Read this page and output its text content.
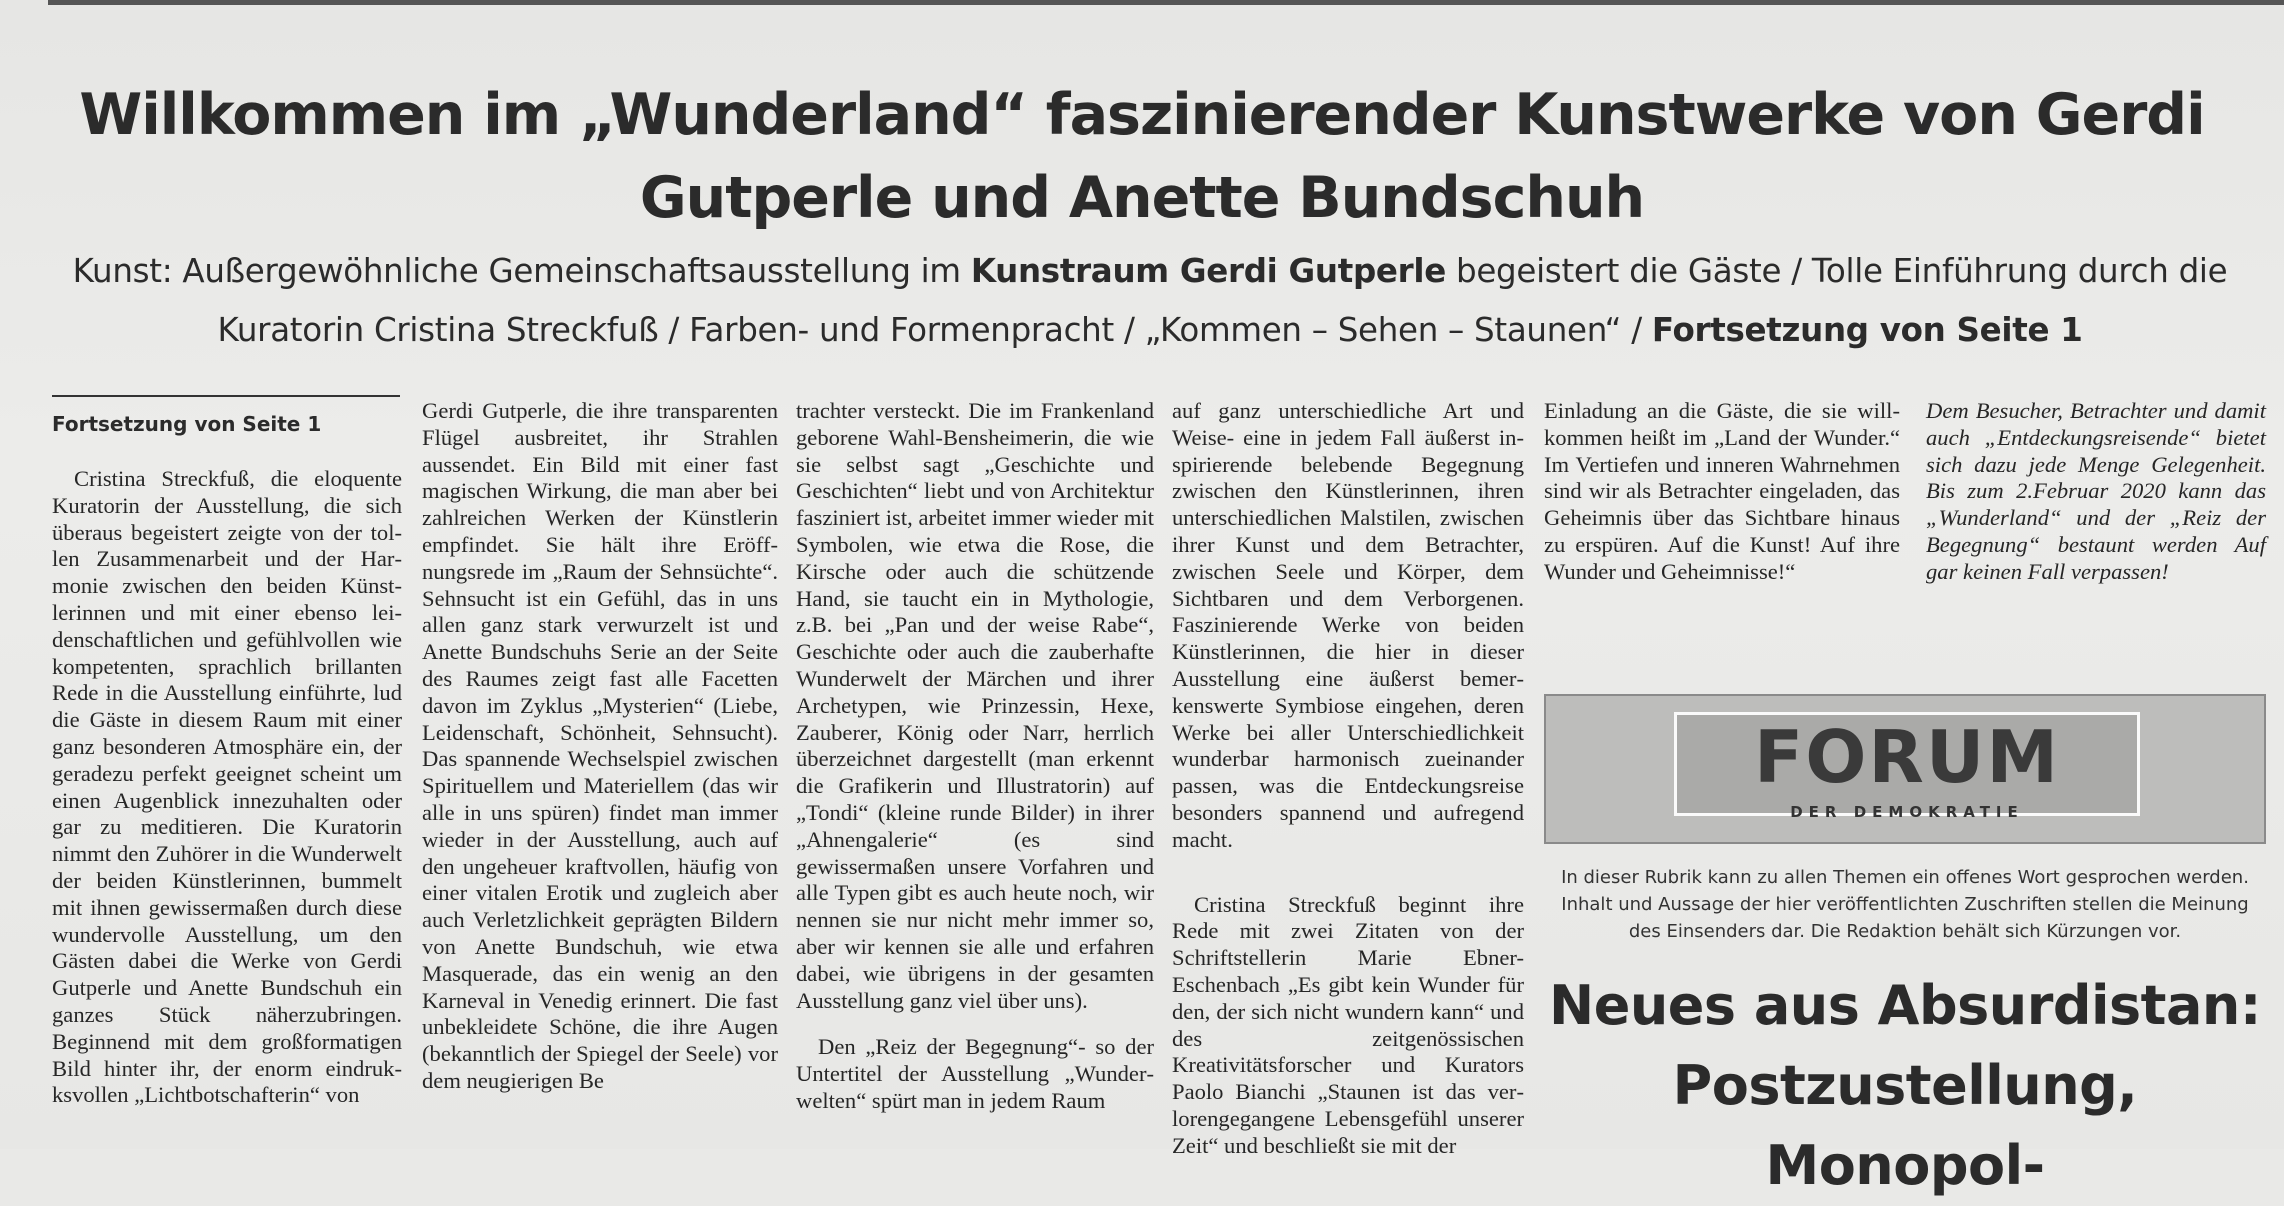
Willkommen im „Wunderland“ faszinierender Kunstwerke von Gerdi Gutperle und Anette Bundschuh

Kunst: Außergewöhnliche Gemeinschaftsausstellung im Kunstraum Gerdi Gutperle begeistert die Gäste / Tolle Einführung durch die Kuratorin Cristina Streckfuß / Farben- und Formenpracht / „Kommen – Sehen – Staunen“ / Fortsetzung von Seite 1

Fortsetzung von Seite 1

Cristina Streckfuß, die eloquente Kuratorin der Ausstellung, die sich überaus begeistert zeigte von der tollen Zusammenarbeit und der Harmonie zwischen den beiden Künstlerinnen und mit einer ebenso leidenschaftlichen und gefühlvollen wie kompetenten, sprachlich brillanten Rede in die Ausstellung einführte, lud die Gäste in diesem Raum mit einer ganz besonderen Atmosphäre ein, der geradezu perfekt geeignet scheint um einen Augenblick innezuhalten oder gar zu meditieren. Die Kuratorin nimmt den Zuhörer in die Wunderwelt der beiden Künstlerinnen, bummelt mit ihnen gewissermaßen durch diese wundervolle Ausstellung, um den Gästen dabei die Werke von Gerdi Gutperle und Anette Bundschuh ein ganzes Stück näherzubringen. Beginnend mit dem großformatigen Bild hinter ihr, der enorm eindrukksvollen „Lichtbotschafterin“ von

Gerdi Gutperle, die ihre transparenten Flügel ausbreitet, ihr Strahlen aussendet. Ein Bild mit einer fast magischen Wirkung, die man aber bei zahlreichen Werken der Künstlerin empfindet. Sie hält ihre Eröffnungsrede im „Raum der Sehnsüchte“. Sehnsucht ist ein Gefühl, das in uns allen ganz stark verwurzelt ist und Anette Bundschuhs Serie an der Seite des Raumes zeigt fast alle Facetten davon im Zyklus „Mysterien“ (Liebe, Leidenschaft, Schönheit, Sehnsucht). Das spannende Wechselspiel zwischen Spirituellem und Materiellem (das wir alle in uns spüren) findet man immer wieder in der Ausstellung, auch auf den ungeheuer kraftvollen, häufig von einer vitalen Erotik und zugleich aber auch Verletzlichkeit geprägten Bildern von Anette Bundschuh, wie etwa Masquerade, das ein wenig an den Karneval in Venedig erinnert. Die fast unbekleidete Schöne, die ihre Augen (bekanntlich der Spiegel der Seele) vor dem neugierigen Be

trachter versteckt. Die im Frankenland geborene Wahl-Bensheimerin, die wie sie selbst sagt „Geschichte und Geschichten“ liebt und von Architektur fasziniert ist, arbeitet immer wieder mit Symbolen, wie etwa die Rose, die Kirsche oder auch die schützende Hand, sie taucht ein in Mythologie, z.B. bei „Pan und der weise Rabe“, Geschichte oder auch die zauberhafte Wunderwelt der Märchen und ihrer Archetypen, wie Prinzessin, Hexe, Zauberer, König oder Narr, herrlich überzeichnet dargestellt (man erkennt die Grafikerin und Illustratorin) auf „Tondi“ (kleine runde Bilder) in ihrer „Ahnengalerie“ (es sind gewissermaßen unsere Vorfahren und alle Typen gibt es auch heute noch, wir nennen sie nur nicht mehr immer so, aber wir kennen sie alle und erfahren dabei, wie übrigens in der gesamten Ausstellung ganz viel über uns).

Den „Reiz der Begegnung“- so der Untertitel der Ausstellung „Wunderwelten“ spürt man in jedem Raum

auf ganz unterschiedliche Art und Weise- eine in jedem Fall äußerst inspirierende belebende Begegnung zwischen den Künstlerinnen, ihren unterschiedlichen Malstilen, zwischen ihrer Kunst und dem Betrachter, zwischen Seele und Körper, dem Sichtbaren und dem Verborgenen. Faszinierende Werke von beiden Künstlerinnen, die hier in dieser Ausstellung eine äußerst bemerkenswerte Symbiose eingehen, deren Werke bei aller Unterschiedlichkeit wunderbar harmonisch zueinander passen, was die Entdeckungsreise besonders spannend und aufregend macht.

Cristina Streckfuß beginnt ihre Rede mit zwei Zitaten von der Schriftstellerin Marie Ebner-Eschenbach „Es gibt kein Wunder für den, der sich nicht wundern kann“ und des zeitgenössischen Kreativitätsforscher und Kurators Paolo Bianchi „Staunen ist das verlorengegangene Lebensgefühl unserer Zeit“ und beschließt sie mit der

Einladung an die Gäste, die sie willkommen heißt im „Land der Wunder.“ Im Vertiefen und inneren Wahrnehmen sind wir als Betrachter eingeladen, das Geheimnis über das Sichtbare hinaus zu erspüren. Auf die Kunst! Auf ihre Wunder und Geheimnisse!“

Dem Besucher, Betrachter und damit auch „Entdeckungsreisende“ bietet sich dazu jede Menge Gelegenheit. Bis zum 2.Februar 2020 kann das „Wunderland“ und der „Reiz der Begegnung“ bestaunt werden Auf gar keinen Fall verpassen!

FORUM

DER DEMOKRATIE

In dieser Rubrik kann zu allen Themen ein offenes Wort gesprochen werden. Inhalt und Aussage der hier veröffentlichten Zuschriften stellen die Meinung des Einsenders dar. Die Redaktion behält sich Kürzungen vor.

Neues aus Absurdistan: Postzustellung, Monopol-
